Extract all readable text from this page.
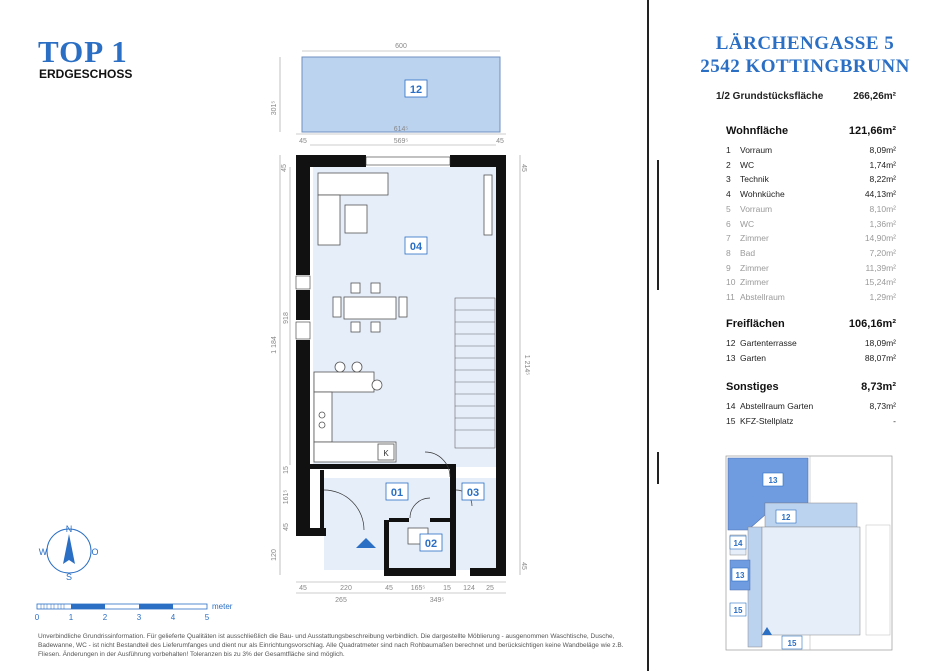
TOP 1
ERDGESCHOSS
600
301⁵
614⁵
569⁵
45	45
918
1 184
1 214⁵
45	45
15
161⁵
45
120
45
45	220	45	165⁵	15 124 25
265	349⁵
12
04
01	03
02
K
N
S
W	O
0	1	2	3	4	5
meter
Unverbindliche Grundrissinformation. Für gelieferte Qualitäten ist ausschließlich die Bau- und Ausstattungsbeschreibung verbindlich. Die dargestellte Möblierung - ausgenommen Waschtische, Dusche, Badewanne, WC - ist nicht Bestandteil des Lieferumfanges und dient nur als Einrichtungsvorschlag. Alle Quadratmeter sind nach Rohbaumaßen berechnet und berücksichtigen keine Wandbeläge wie z.B. Fliesen. Änderungen in der Ausführung vorbehalten! Toleranzen bis zu 3% der Gesamtfläche sind möglich.
LÄRCHENGASSE 5
2542 KOTTINGBRUNN
1/2 Grundstücksfläche	266,26m²
Wohnfläche	121,66m²
1 Vorraum	8,09m²
2 WC	1,74m²
3 Technik	8,22m²
4 Wohnküche	44,13m²
5 Vorraum	8,10m²
6 WC	1,36m²
7 Zimmer	14,90m²
8 Bad	7,20m²
9 Zimmer	11,39m²
10 Zimmer	15,24m²
11 Abstellraum	1,29m²
Freiflächen	106,16m²
12 Gartenterrasse	18,09m²
13 Garten	88,07m²
Sonstiges	8,73m²
14 Abstellraum Garten	8,73m²
15 KFZ-Stellplatz	-
13
12
14
13
15
15
